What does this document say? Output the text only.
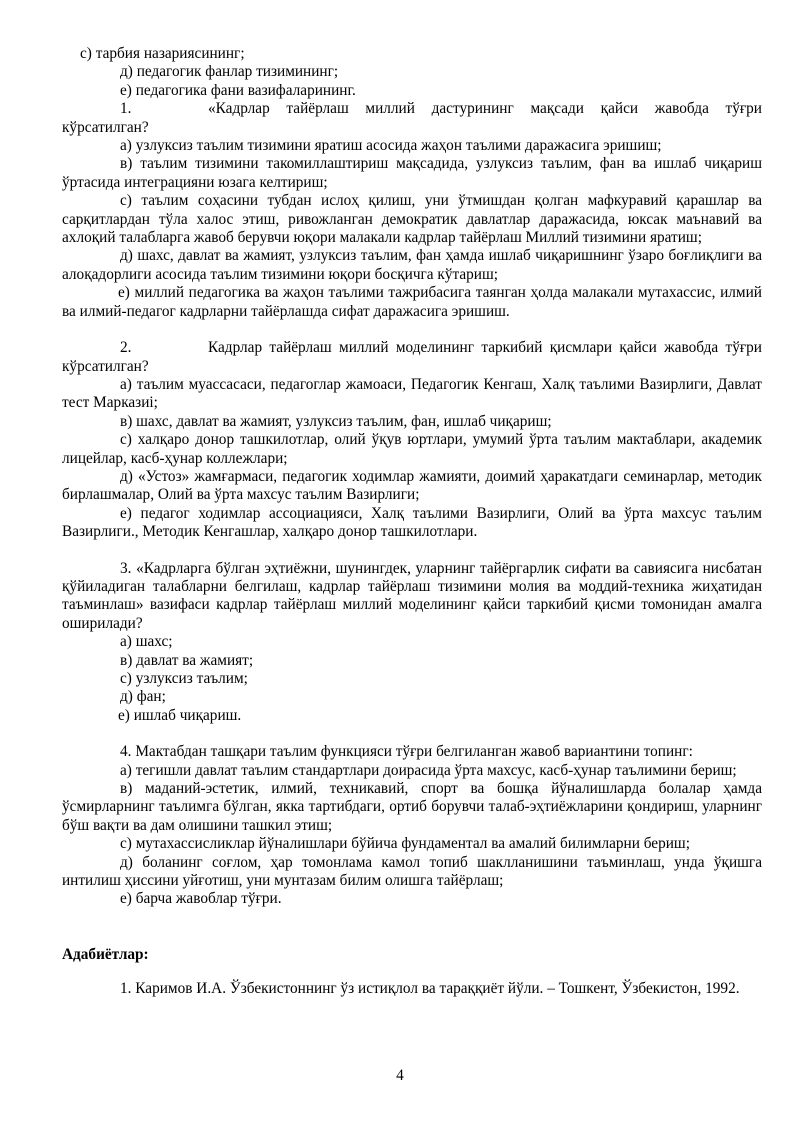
с) тарбия назариясининг;

д) педагогик фанлар тизимининг;

е) педагогика фани вазифаларининг.

1.	«Кадрлар тайёрлаш миллий дастурининг мақсади қайси жавобда тўғри кўрсатилган?

а) узлуксиз таълим тизимини яратиш асосида жаҳон таълими даражасига эришиш;

в) таълим тизимини такомиллаштириш мақсадида, узлуксиз таълим, фан ва ишлаб чиқариш ўртасида интеграцияни юзага келтириш;

с) таълим соҳасини тубдан ислоҳ қилиш, уни ўтмишдан қолган мафкуравий қарашлар ва сарқитлардан тўла халос этиш, ривожланган демократик давлатлар даражасида, юксак маънавий ва ахлоқий талабларга жавоб берувчи юқори малакали кадрлар тайёрлаш Миллий тизимини яратиш;

д) шахс, давлат ва жамият, узлуксиз таълим, фан ҳамда ишлаб чиқаришнинг ўзаро боғлиқлиги ва алоқадорлиги асосида таълим тизимини юқори босқичга кўтариш;

е) миллий педагогика ва жаҳон таълими тажрибасига таянган ҳолда малакали мутахассис, илмий ва илмий-педагог кадрларни тайёрлашда сифат даражасига эришиш.

2.	Кадрлар тайёрлаш миллий моделининг таркибий қисмлари қайси жавобда тўғри кўрсатилган?

а) таълим муассасаси, педагоглар жамоаси, Педагогик Кенгаш, Халқ таълими Вазирлиги, Давлат тест Марказиi;

в) шахс, давлат ва жамият, узлуксиз таълим, фан, ишлаб чиқариш;

с) халқаро донор ташкилотлар, олий ўқув юртлари, умумий ўрта таълим мактаблари, академик лицейлар, касб-ҳунар коллежлари;

д) «Устоз» жамғармаси, педагогик ходимлар жамияти, доимий ҳаракатдаги семинарлар, методик бирлашмалар, Олий ва ўрта махсус таълим Вазирлиги;

е) педагог ходимлар ассоциацияси, Халқ таълими Вазирлиги, Олий ва ўрта махсус таълим Вазирлиги., Методик Кенгашлар, халқаро донор ташкилотлари.

3. «Кадрларга бўлган эҳтиёжни, шунингдек, уларнинг тайёргарлик сифати ва савиясига нисбатан қўйиладиган талабларни белгилаш, кадрлар тайёрлаш тизимини молия ва моддий-техника жиҳатидан таъминлаш» вазифаси кадрлар тайёрлаш миллий моделининг қайси таркибий қисми томонидан амалга оширилади?

а) шахс;

в) давлат ва жамият;

с) узлуксиз таълим;

д) фан;

е) ишлаб чиқариш.

4. Мактабдан ташқари таълим функцияси тўғри белгиланган жавоб вариантини топинг:

а) тегишли давлат таълим стандартлари доирасида ўрта махсус, касб-ҳунар таълимини бериш;

в) маданий-эстетик, илмий, техникавий, спорт ва бошқа йўналишларда болалар ҳамда ўсмирларнинг таълимга бўлган, якка тартибдаги, ортиб борувчи талаб-эҳтиёжларини қондириш, уларнинг бўш вақти ва дам олишини ташкил этиш;

с) мутахассисликлар йўналишлари бўйича фундаментал ва амалий билимларни бериш;

д) боланинг соғлом, ҳар томонлама камол топиб шаклланишини таъминлаш, унда ўқишга интилиш ҳиссини уйғотиш, уни мунтазам билим олишга тайёрлаш;

е) барча жавоблар тўғри.

Адабиётлар:

1. Каримов И.А. Ўзбекистоннинг ўз истиқлол ва тараққиёт йўли. – Тошкент, Ўзбекистон, 1992.

4
